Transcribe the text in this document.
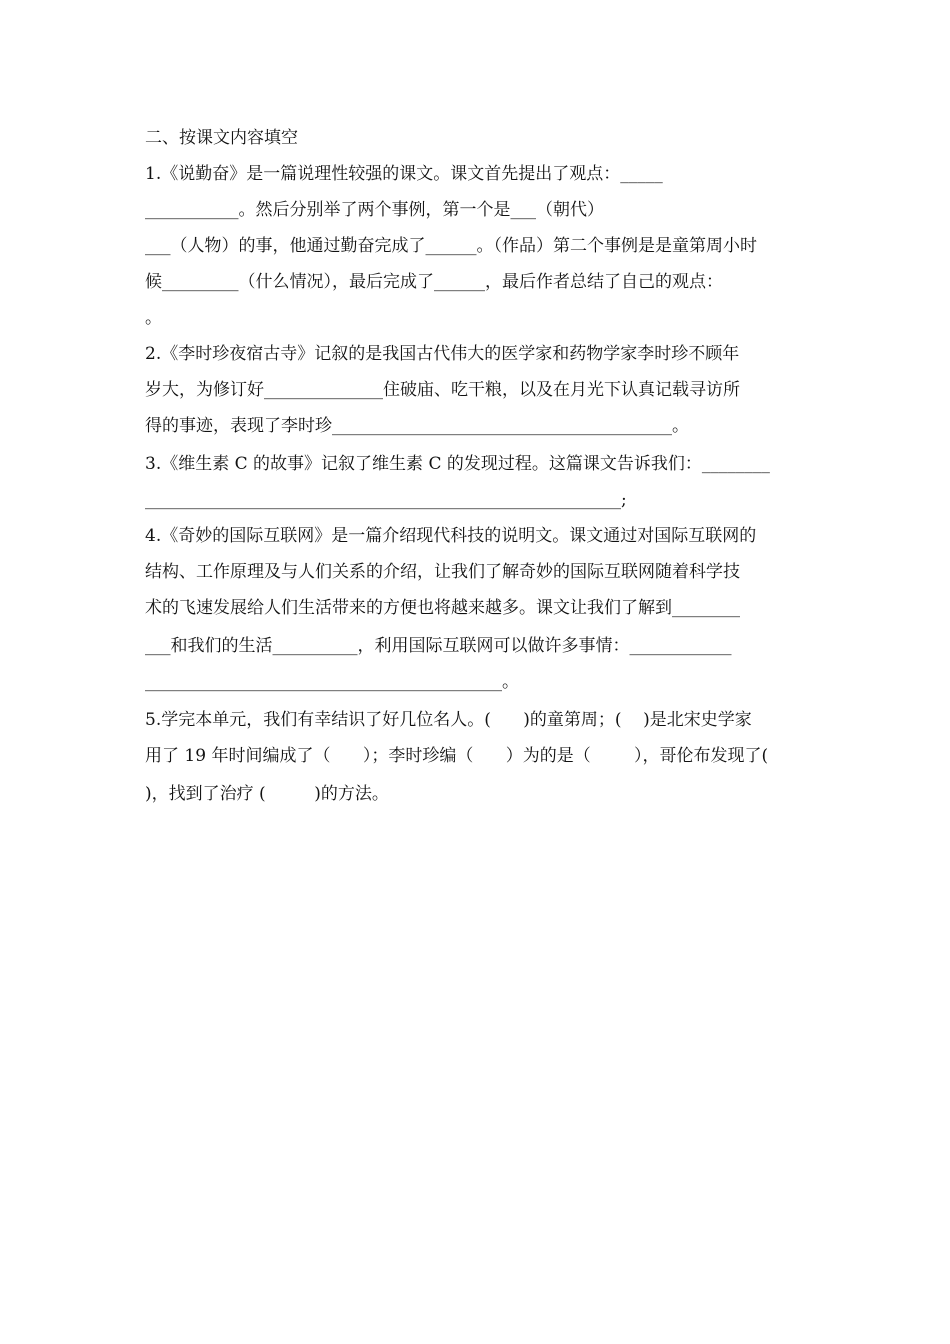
二、按课文内容填空
1.《说勤奋》是一篇说理性较强的课文。课文首先提出了观点：_____
___________。然后分别举了两个事例，第一个是___（朝代）
___（人物）的事，他通过勤奋完成了______。（作品）第二个事例是是童第周小时
候_________（什么情况），最后完成了______，最后作者总结了自己的观点：
。
2.《李时珍夜宿古寺》记叙的是我国古代伟大的医学家和药物学家李时珍不顾年
岁大，为修订好______________住破庙、吃干粮，以及在月光下认真记载寻访所
得的事迹，表现了李时珍________________________________________。
3.《维生素 C 的故事》记叙了维生素 C 的发现过程。这篇课文告诉我们：________
________________________________________________________;
4.《奇妙的国际互联网》是一篇介绍现代科技的说明文。课文通过对国际互联网的
结构、工作原理及与人们关系的介绍，让我们了解奇妙的国际互联网随着科学技
术的飞速发展给人们生活带来的方便也将越来越多。课文让我们了解到________
___和我们的生活__________，利用国际互联网可以做许多事情：____________
__________________________________________。
5.学完本单元，我们有幸结识了好几位名人。(      )的童第周；(    )是北宋史学家
用了 19 年时间编成了（      ）；李时珍编（      ）为的是（        ），哥伦布发现了(
)，找到了治疗 (         )的方法。
